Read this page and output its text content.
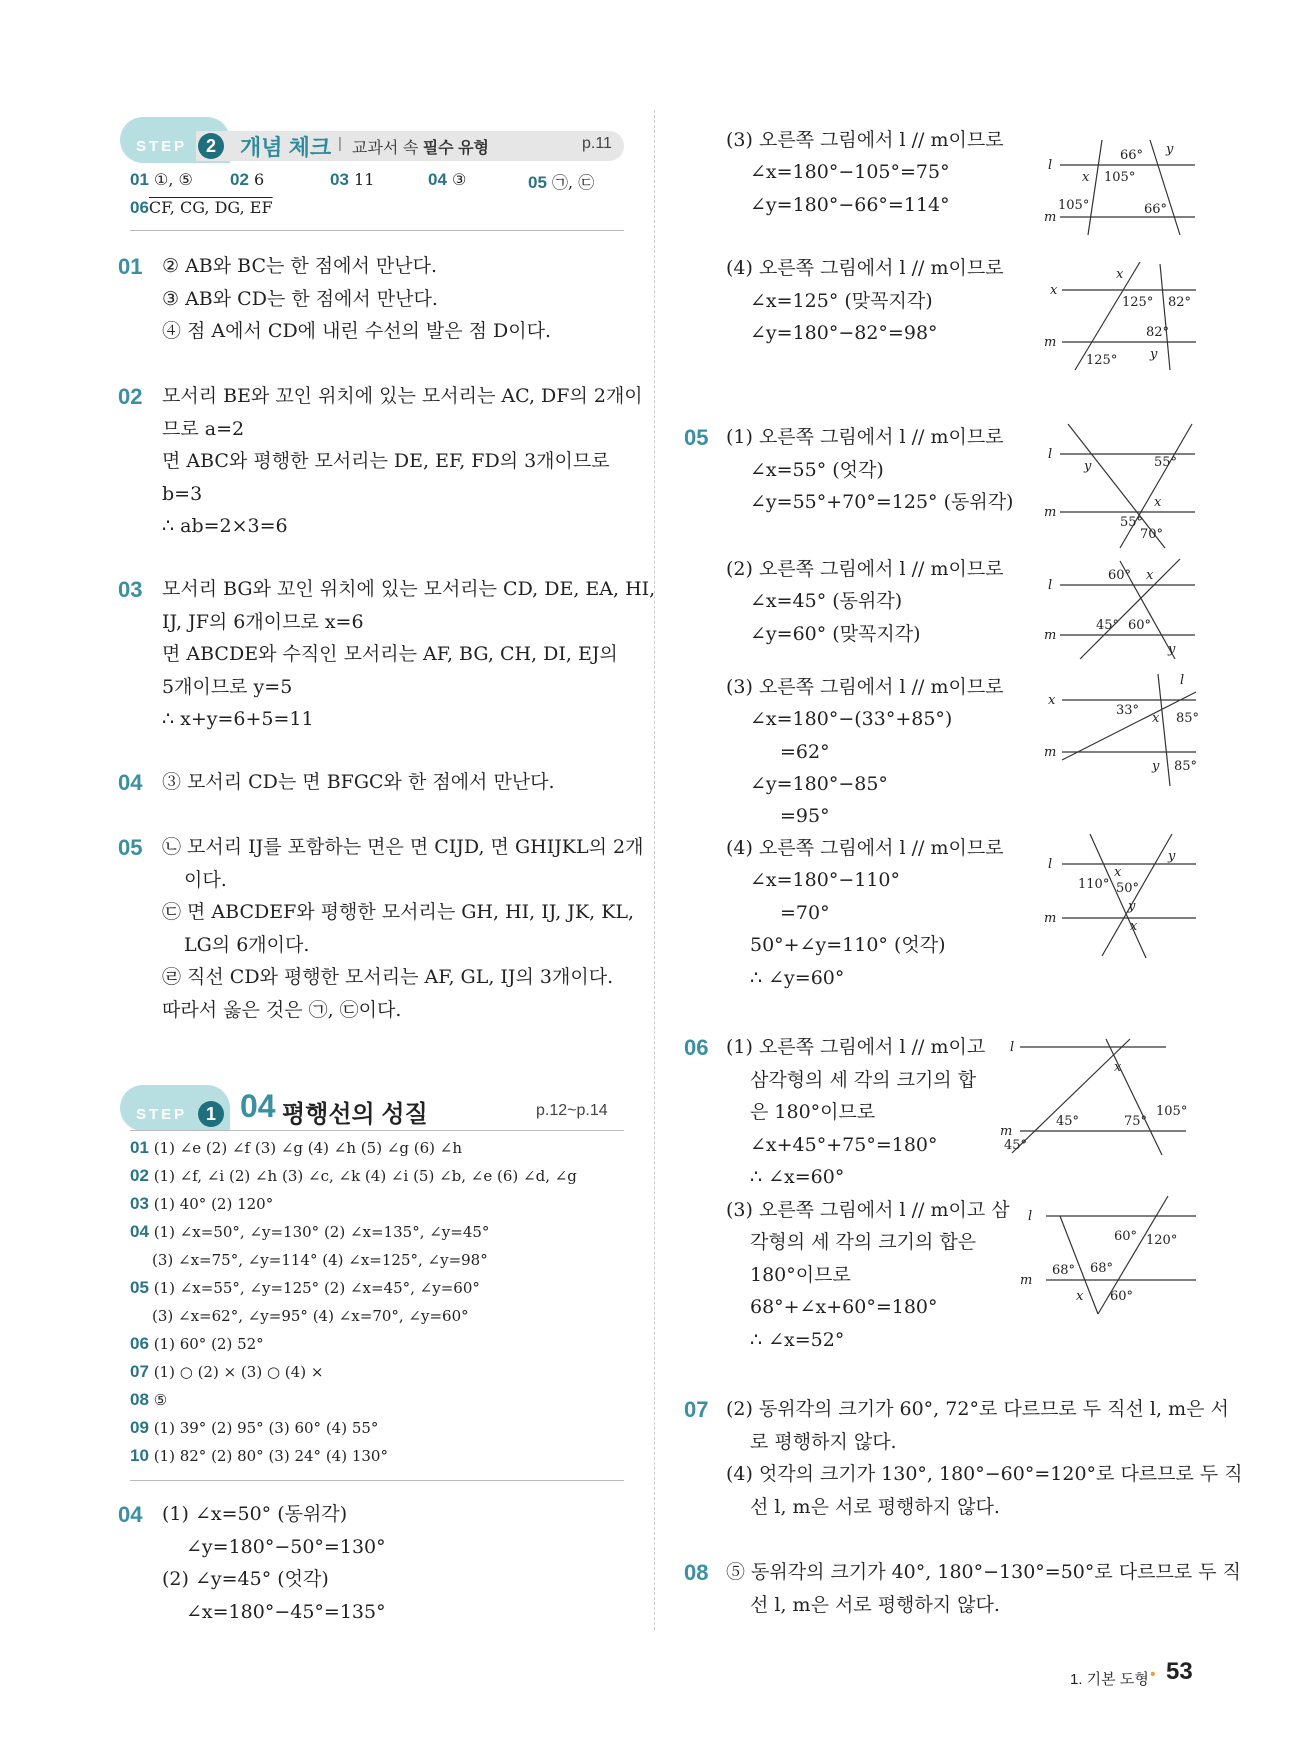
STEP	2	개념 체크 | 교과서 속 필수 유형	p.11
01 ①, ⑤ 02 6	03 11	04 ③	05 ㉠, ㉢
06CF, CG, DG, EF
01 ② AB와 BC는 한 점에서 만난다.
③ AB와 CD는 한 점에서 만난다.
④ 점 A에서 CD에 내린 수선의 발은 점 D이다.
02 모서리 BE와 꼬인 위치에 있는 모서리는 AC, DF의 2개이
므로 a=2
면 ABC와 평행한 모서리는 DE, EF, FD의 3개이므로
b=3
∴ ab=2×3=6
03 모서리 BG와 꼬인 위치에 있는 모서리는 CD, DE, EA, HI,
IJ, JF의 6개이므로 x=6
면 ABCDE와 수직인 모서리는 AF, BG, CH, DI, EJ의
5개이므로 y=5
∴ x+y=6+5=11
04 ③ 모서리 CD는 면 BFGC와 한 점에서 만난다.
05 ㉡ 모서리 IJ를 포함하는 면은 면 CIJD, 면 GHIJKL의 2개
이다.
㉢ 면 ABCDEF와 평행한 모서리는 GH, HI, IJ, JK, KL,
LG의 6개이다.
㉣ 직선 CD와 평행한 모서리는 AF, GL, IJ의 3개이다.
따라서 옳은 것은 ㉠, ㉢이다.
STEP	1 04 평행선의 성질	p.12~p.14
01 (1) ∠e (2) ∠f (3) ∠g (4) ∠h (5) ∠g (6) ∠h
02 (1) ∠f, ∠i (2) ∠h (3) ∠c, ∠k (4) ∠i (5) ∠b, ∠e (6) ∠d, ∠g
03 (1) 40° (2) 120°
04 (1) ∠x=50°, ∠y=130° (2) ∠x=135°, ∠y=45°
(3) ∠x=75°, ∠y=114° (4) ∠x=125°, ∠y=98°
05 (1) ∠x=55°, ∠y=125° (2) ∠x=45°, ∠y=60°
(3) ∠x=62°, ∠y=95° (4) ∠x=70°, ∠y=60°
06 (1) 60° (2) 52°
07 (1) ○ (2) × (3) ○ (4) ×
08 ⑤
09 (1) 39° (2) 95° (3) 60° (4) 55°
10 (1) 82° (2) 80° (3) 24° (4) 130°
04 (1) ∠x=50° (동위각)
∠y=180°−50°=130°
(2) ∠y=45° (엇각)
∠x=180°−45°=135°
(3) 오른쪽 그림에서 l // m이므로
∠x=180°−105°=75°
∠y=180°−66°=114°
(4) 오른쪽 그림에서 l // m이므로
∠x=125° (맞꼭지각)
∠y=180°−82°=98°
05 (1) 오른쪽 그림에서 l // m이므로
∠x=55° (엇각)
∠y=55°+70°=125° (동위각)
(2) 오른쪽 그림에서 l // m이므로
∠x=45° (동위각)
∠y=60° (맞꼭지각)
(3) 오른쪽 그림에서 l // m이므로
∠x=180°−(33°+85°)
=62°
∠y=180°−85°
=95°
(4) 오른쪽 그림에서 l // m이므로
∠x=180°−110°
=70°
50°+∠y=110° (엇각)
∴ ∠y=60°
06 (1) 오른쪽 그림에서 l // m이고
삼각형의 세 각의 크기의 합
은 180°이므로
∠x+45°+75°=180°
∴ ∠x=60°
(3) 오른쪽 그림에서 l // m이고 삼
각형의 세 각의 크기의 합은
180°이므로
68°+∠x+60°=180°
∴ ∠x=52°
07 (2) 동위각의 크기가 60°, 72°로 다르므로 두 직선 l, m은 서
로 평행하지 않다.
(4) 엇각의 크기가 130°, 180°−60°=120°로 다르므로 두 직
선 l, m은 서로 평행하지 않다.
08 ⑤ 동위각의 크기가 40°, 180°−130°=50°로 다르므로 두 직
선 l, m은 서로 평행하지 않다.
l
m
66° y
x 105°
105°	66°
x
x
125° 82°
m
82°
y
125°
l
55°
y
m
x
55°
70°
l
60° x
m
45° 60°
y
x
l
33°
x 85°
m
y 85°
y
l
110°
x
50°
y
m
x
l
x
m
45°
45°	75°
105°
l
60° 120°
m
68° 68°
x 60°
1. 기본 도형 • 53
